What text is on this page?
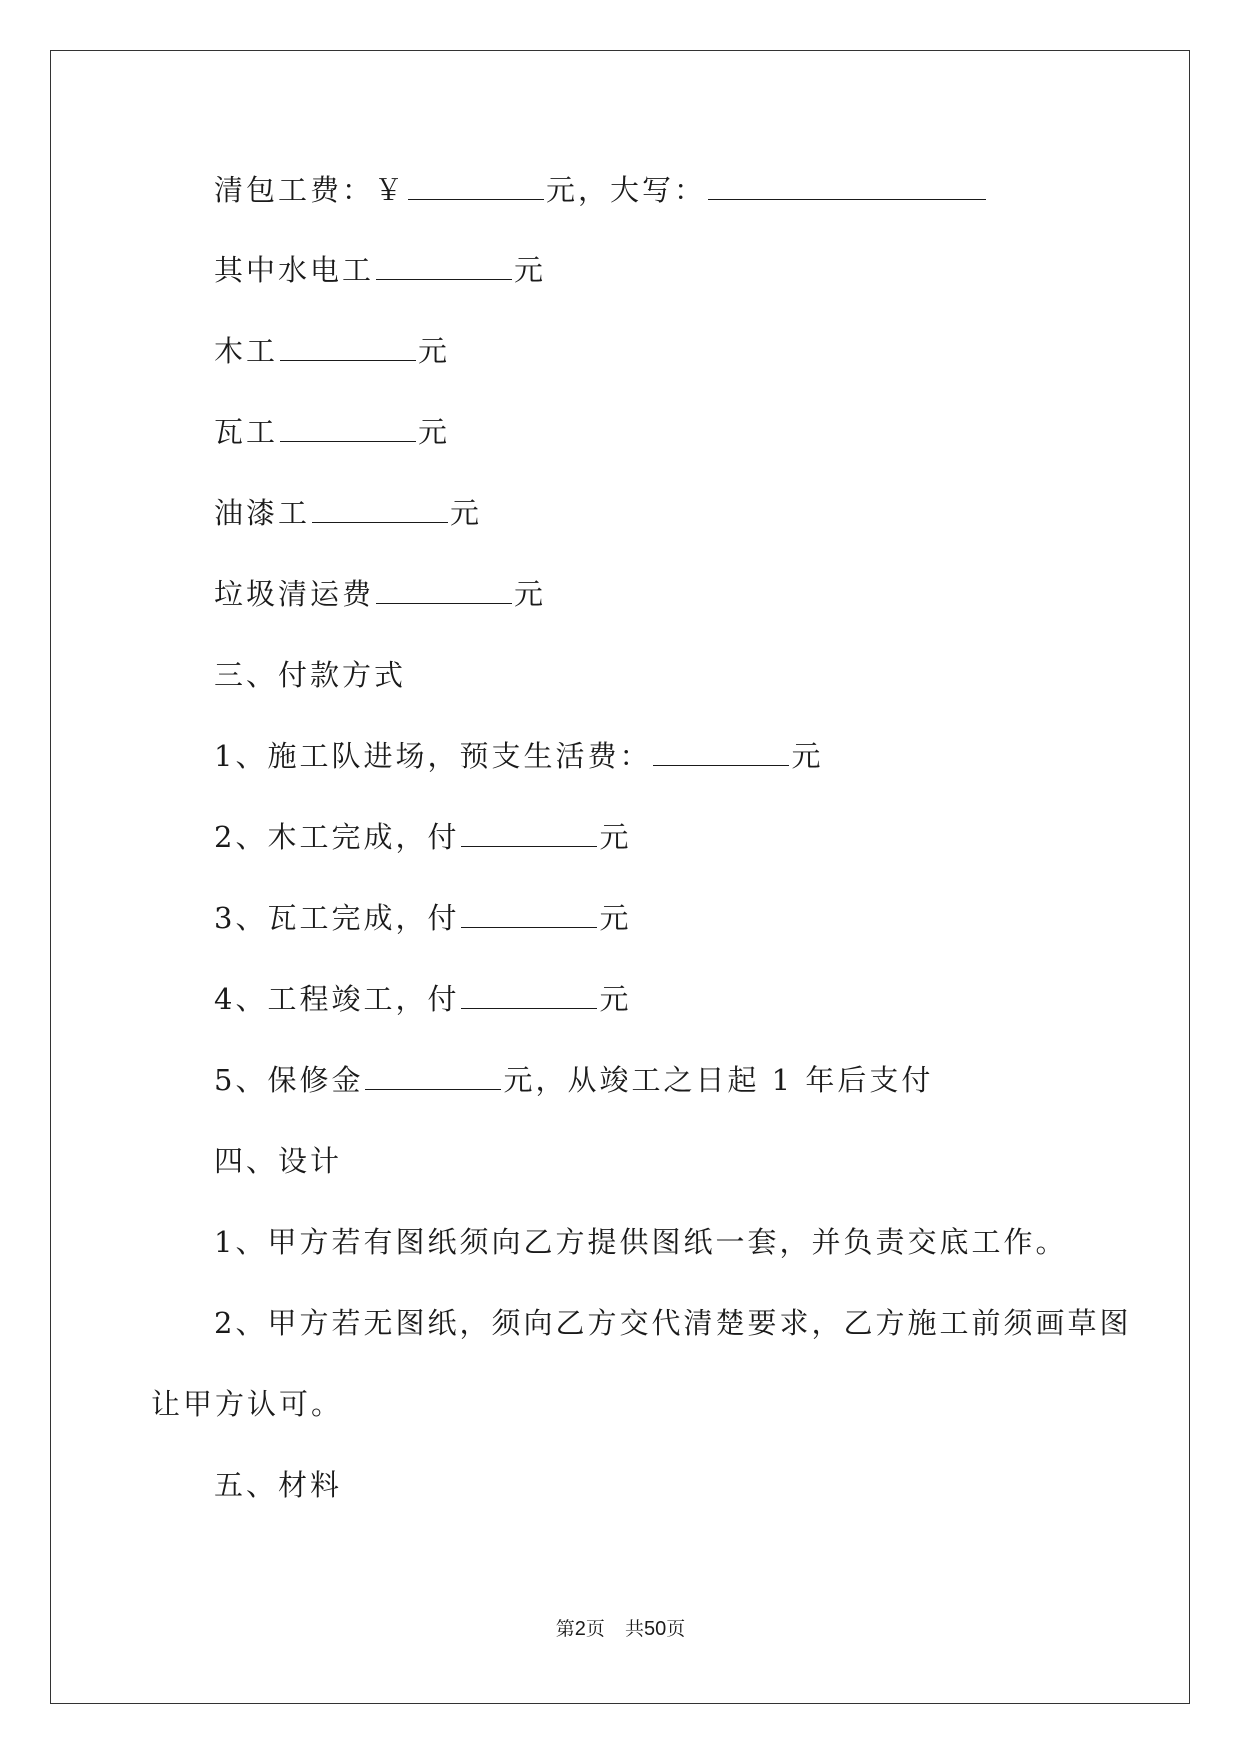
清包工费：￥	元，大写：
其中水电工	元
木工	元
瓦工	元
油漆工	元
垃圾清运费	元
三、付款方式
1、施工队进场，预支生活费：	元
2、木工完成，付	元
3、瓦工完成，付	元
4、工程竣工，付	元
5、保修金	元，从竣工之日起 1 年后支付
四、设计
1、甲方若有图纸须向乙方提供图纸一套，并负责交底工作。
2、甲方若无图纸，须向乙方交代清楚要求，乙方施工前须画草图
让甲方认可。
五、材料
第2页 共50页
